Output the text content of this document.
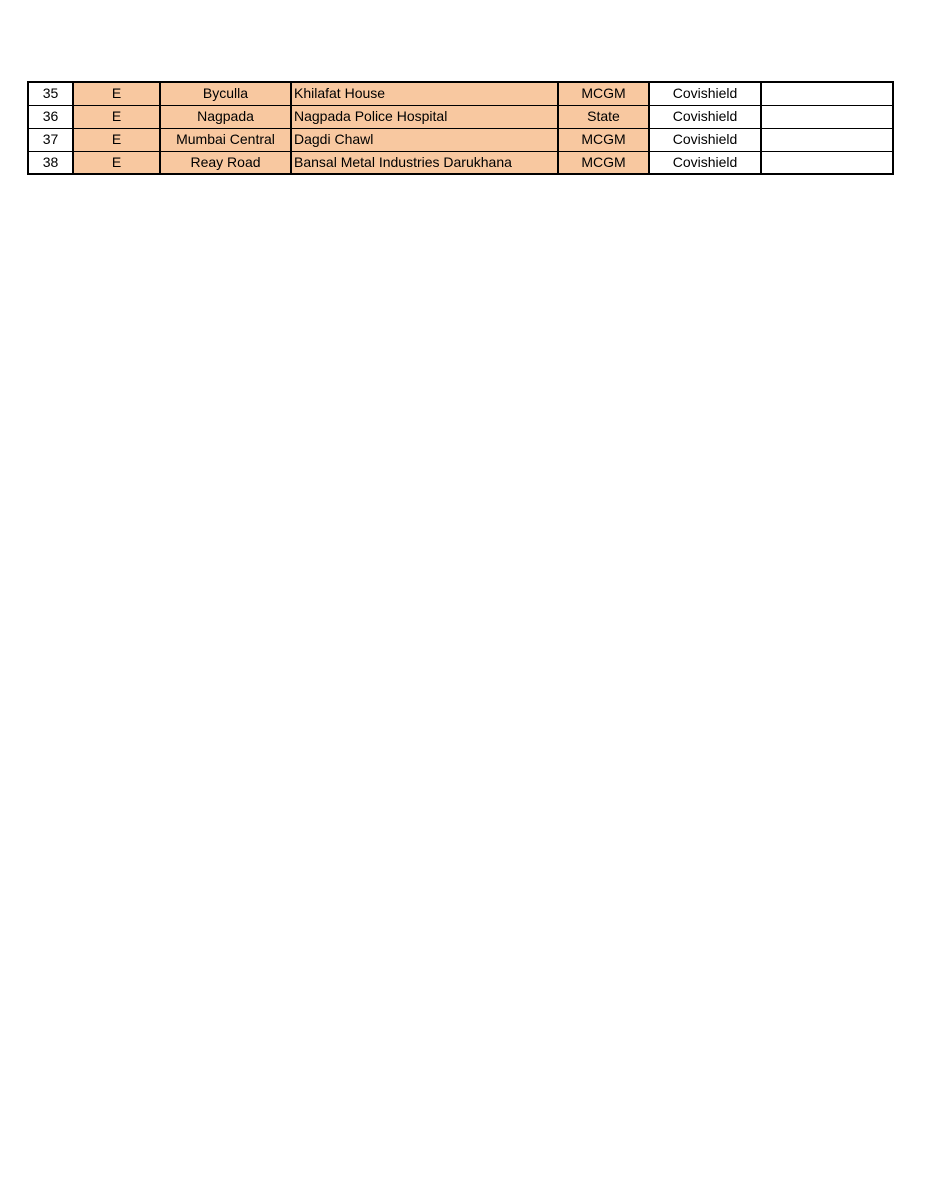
35	E	Byculla	Khilafat House	MCGM	Covishield	
36	E	Nagpada	Nagpada Police Hospital	State	Covishield	
37	E	Mumbai Central	Dagdi Chawl	MCGM	Covishield	
38	E	Reay Road	Bansal Metal Industries Darukhana	MCGM	Covishield	
